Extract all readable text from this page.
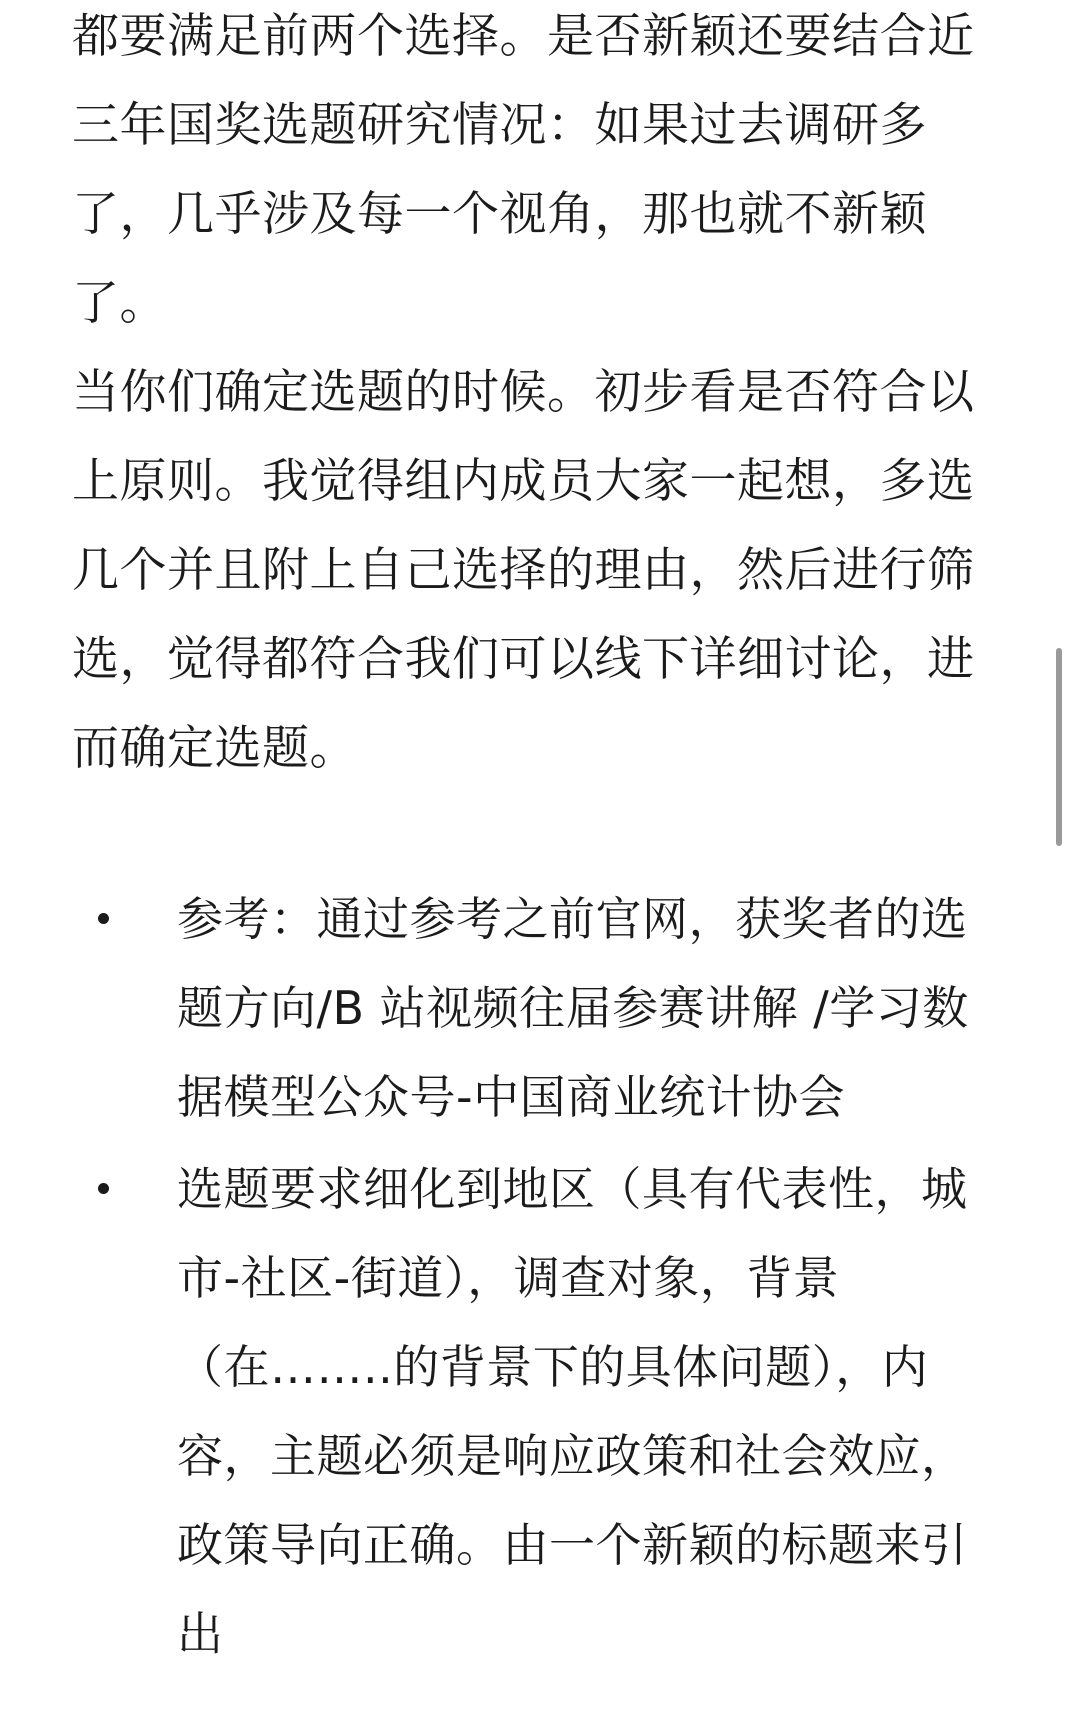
都要满足前两个选择。是否新颖还要结合近
三年国奖选题研究情况：如果过去调研多
了，几乎涉及每一个视角，那也就不新颖
了。
当你们确定选题的时候。初步看是否符合以
上原则。我觉得组内成员大家一起想，多选
几个并且附上自己选择的理由，然后进行筛
选，觉得都符合我们可以线下详细讨论，进
而确定选题。
参考：通过参考之前官网，获奖者的选
题方向/B 站视频往届参赛讲解 /学习数
据模型公众号-中国商业统计协会
选题要求细化到地区（具有代表性，城
市-社区-街道），调查对象，背景
（在……..的背景下的具体问题），内
容，主题必须是响应政策和社会效应，
政策导向正确。由一个新颖的标题来引
出
